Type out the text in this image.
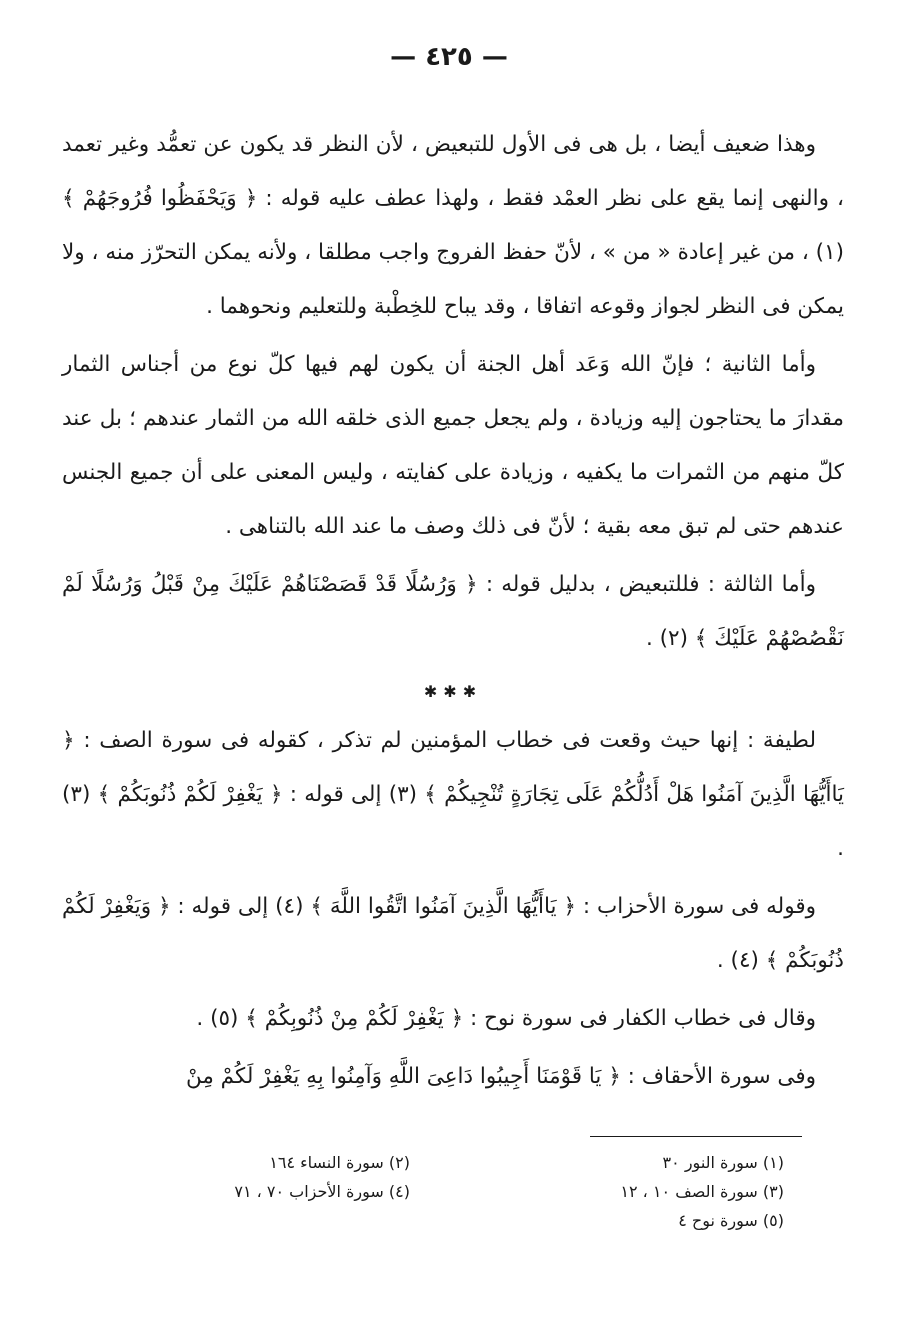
— ٤٢٥ —

وهذا ضعيف أيضا ، بل هى فى الأول للتبعيض ، لأن النظر قد يكون عن تعمُّد وغير تعمد ، والنهى إنما يقع على نظر العمْد فقط ، ولهذا عطف عليه قوله : ﴿ وَيَحْفَظُوا فُرُوجَهُمْ ﴾ (١) ، من غير إعادة « من » ، لأنّ حفظ الفروج واجب مطلقا ، ولأنه يمكن التحرّز منه ، ولا يمكن فى النظر لجواز وقوعه اتفاقا ، وقد يباح للخِطْبة وللتعليم ونحوهما .

وأما الثانية ؛ فإنّ الله وَعَد أهل الجنة أن يكون لهم فيها كلّ نوع من أجناس الثمار مقدارَ ما يحتاجون إليه وزيادة ، ولم يجعل جميع الذى خلقه الله من الثمار عندهم ؛ بل عند كلّ منهم من الثمرات ما يكفيه ، وزيادة على كفايته ، وليس المعنى على أن جميع الجنس عندهم حتى لم تبق معه بقية ؛ لأنّ فى ذلك وصف ما عند الله بالتناهى .

وأما الثالثة : فللتبعيض ، بدليل قوله : ﴿ وَرُسُلًا قَدْ قَصَصْنَاهُمْ عَلَيْكَ مِنْ قَبْلُ وَرُسُلًا لَمْ نَقْصُصْهُمْ عَلَيْكَ ﴾ (٢) .

✱✱✱

لطيفة : إنها حيث وقعت فى خطاب المؤمنين لم تذكر ، كقوله فى سورة الصف : ﴿ يَاأَيُّهَا الَّذِينَ آمَنُوا هَلْ أَدُلُّكُمْ عَلَى تِجَارَةٍ تُنْجِيكُمْ ﴾ (٣) إلى قوله : ﴿ يَغْفِرْ لَكُمْ ذُنُوبَكُمْ ﴾ (٣) .

وقوله فى سورة الأحزاب : ﴿ يَاأَيُّهَا الَّذِينَ آمَنُوا اتَّقُوا اللَّهَ ﴾ (٤) إلى قوله : ﴿ وَيَغْفِرْ لَكُمْ ذُنُوبَكُمْ ﴾ (٤) .

وقال فى خطاب الكفار فى سورة نوح : ﴿ يَغْفِرْ لَكُمْ مِنْ ذُنُوبِكُمْ ﴾ (٥) .

وفى سورة الأحقاف : ﴿ يَا قَوْمَنَا أَجِيبُوا دَاعِىَ اللَّهِ وَآمِنُوا بِهِ يَغْفِرْ لَكُمْ مِنْ

(١) سورة النور ٣٠
(٢) سورة النساء ١٦٤
(٣) سورة الصف ١٠ ، ١٢
(٤) سورة الأحزاب ٧٠ ، ٧١
(٥) سورة نوح ٤
